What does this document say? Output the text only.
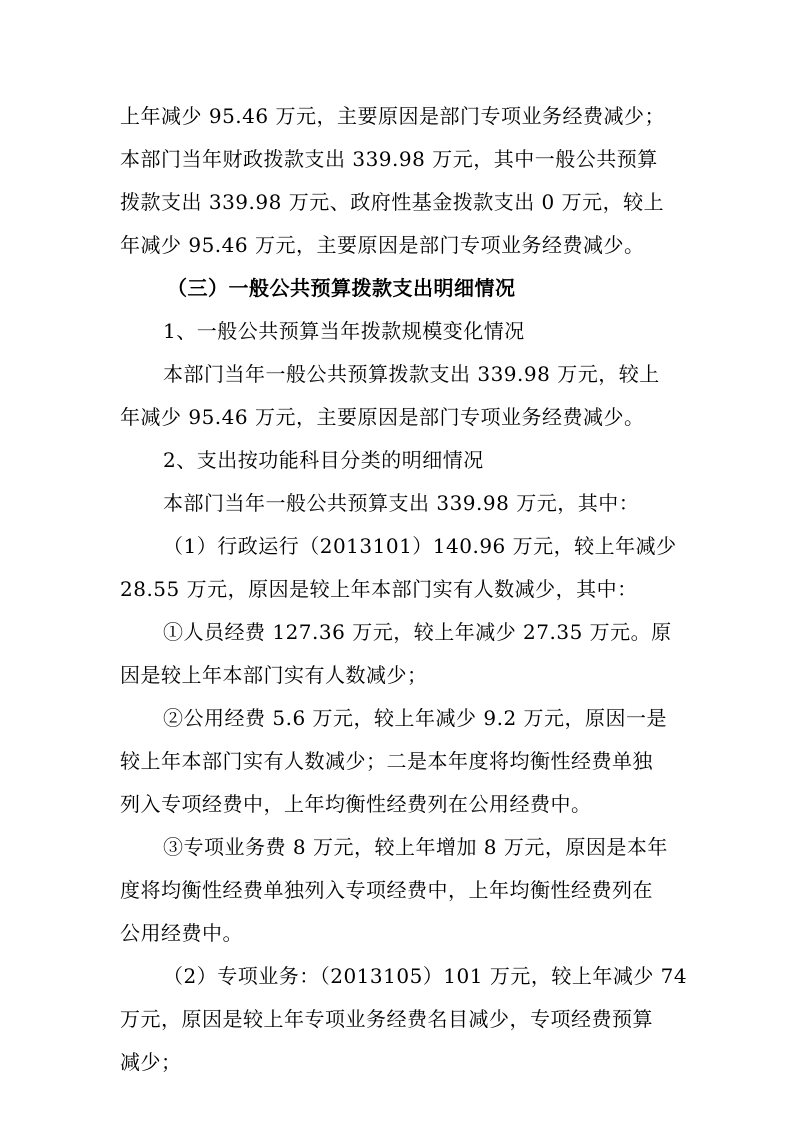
上年减少 95.46 万元，主要原因是部门专项业务经费减少；
本部门当年财政拨款支出 339.98 万元，其中一般公共预算
拨款支出 339.98 万元、政府性基金拨款支出 0 万元，较上
年减少 95.46 万元，主要原因是部门专项业务经费减少。
（三）一般公共预算拨款支出明细情况
1、一般公共预算当年拨款规模变化情况
本部门当年一般公共预算拨款支出 339.98 万元，较上
年减少 95.46 万元，主要原因是部门专项业务经费减少。
2、支出按功能科目分类的明细情况
本部门当年一般公共预算支出 339.98 万元，其中：
（1）行政运行（2013101）140.96 万元，较上年减少
28.55 万元，原因是较上年本部门实有人数减少，其中：
①人员经费 127.36 万元，较上年减少 27.35 万元。原
因是较上年本部门实有人数减少；
②公用经费 5.6 万元，较上年减少 9.2 万元，原因一是
较上年本部门实有人数减少；二是本年度将均衡性经费单独
列入专项经费中，上年均衡性经费列在公用经费中。
③专项业务费 8 万元，较上年增加 8 万元，原因是本年
度将均衡性经费单独列入专项经费中，上年均衡性经费列在
公用经费中。
（2）专项业务：（2013105）101 万元，较上年减少 74
万元，原因是较上年专项业务经费名目减少，专项经费预算
减少；
